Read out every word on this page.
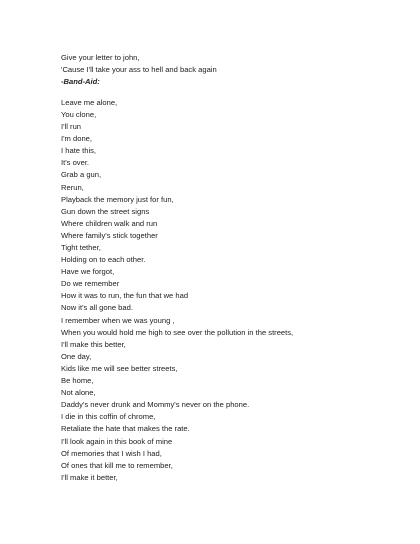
Give your letter to john,
'Cause I'll take your ass to hell and back again
-Band-Aid:
Leave me alone,
You clone,
I'll run
I'm done,
I hate this,
It's over.
Grab a gun,
Rerun,
Playback the memory just for fun,
Gun down the street signs
Where children walk and run
Where family's stick together
Tight tether,
Holding on to each other.
Have we forgot,
Do we remember
How it was to run, the fun that we had
Now it's all gone bad.
I remember when we was young ,
When you would hold me high to see over the pollution in the streets,
I'll make this better,
One day,
Kids like me will see better streets,
Be home,
Not alone,
Daddy's never drunk and Mommy's never on the phone.
I die in this coffin of chrome,
Retaliate the hate that makes the rate.
I'll look again in this book of mine
Of memories that I wish I had,
Of ones that kill me to remember,
I'll make it better,
